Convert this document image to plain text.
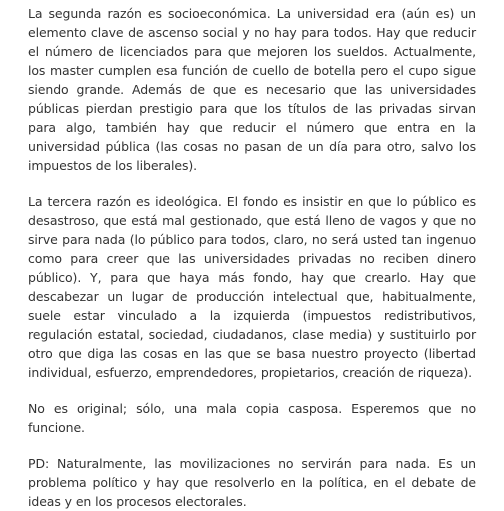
La segunda razón es socioeconómica. La universidad era (aún es) un elemento clave de ascenso social y no hay para todos. Hay que reducir el número de licenciados para que mejoren los sueldos. Actualmente, los master cumplen esa función de cuello de botella pero el cupo sigue siendo grande. Además de que es necesario que las universidades públicas pierdan prestigio para que los títulos de las privadas sirvan para algo, también hay que reducir el número que entra en la universidad pública (las cosas no pasan de un día para otro, salvo los impuestos de los liberales).

La tercera razón es ideológica. El fondo es insistir en que lo público es desastroso, que está mal gestionado, que está lleno de vagos y que no sirve para nada (lo público para todos, claro, no será usted tan ingenuo como para creer que las universidades privadas no reciben dinero público). Y, para que haya más fondo, hay que crearlo. Hay que descabezar un lugar de producción intelectual que, habitualmente, suele estar vinculado a la izquierda (impuestos redistributivos, regulación estatal, sociedad, ciudadanos, clase media) y sustituirlo por otro que diga las cosas en las que se basa nuestro proyecto (libertad individual, esfuerzo, emprendedores, propietarios, creación de riqueza).

No es original; sólo, una mala copia casposa. Esperemos que no funcione.

PD: Naturalmente, las movilizaciones no servirán para nada. Es un problema político y hay que resolverlo en la política, en el debate de ideas y en los procesos electorales.
